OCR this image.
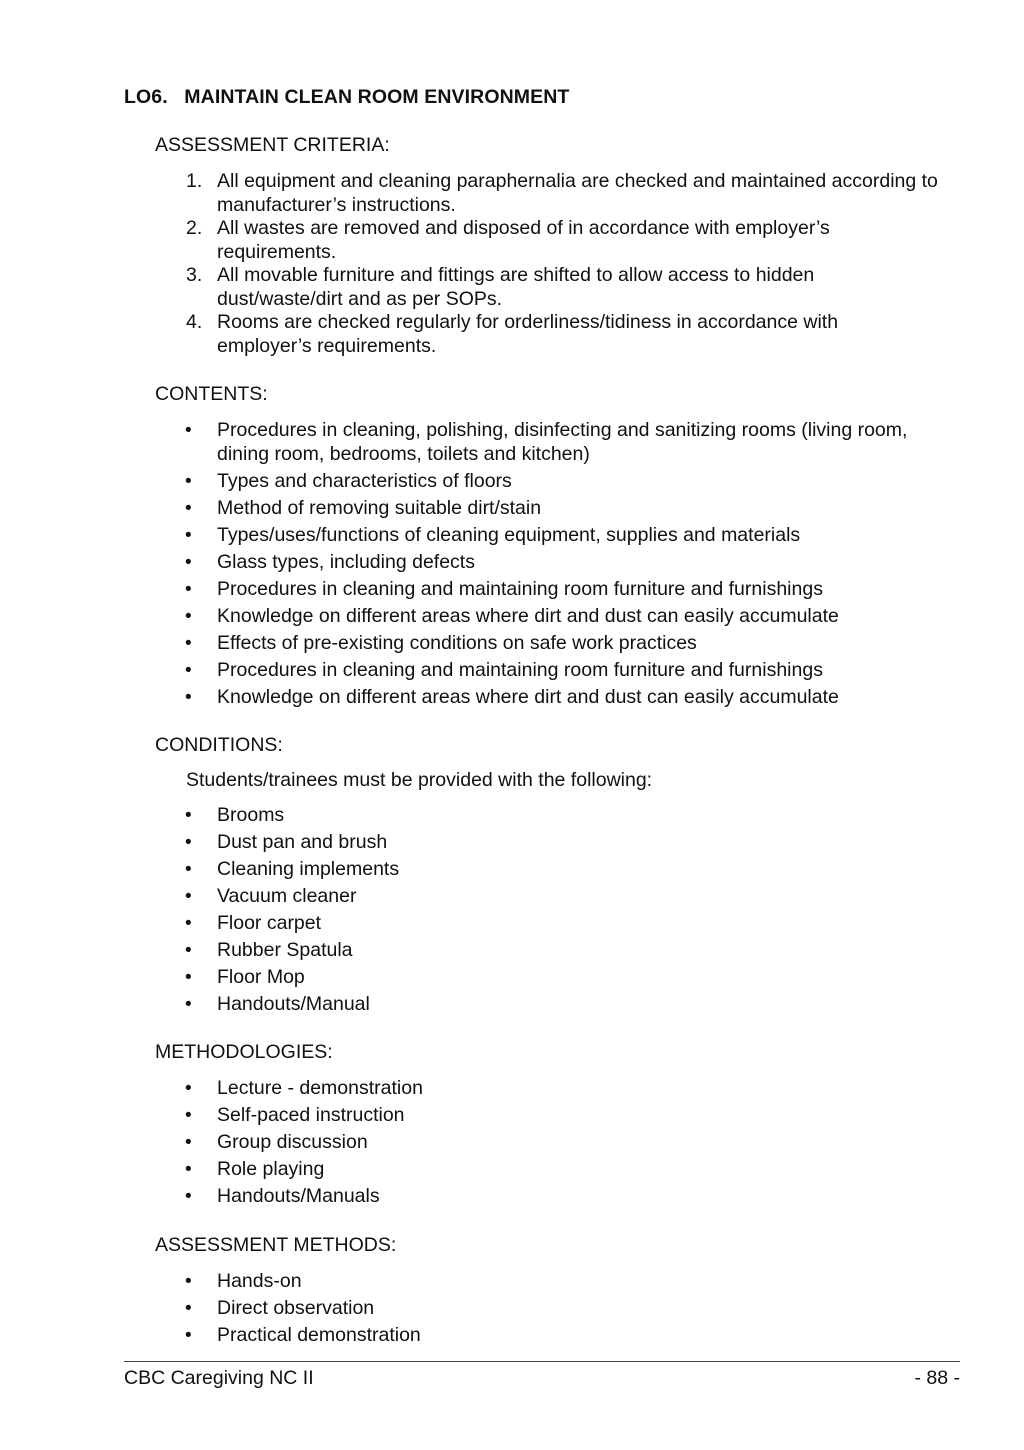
LO6.   MAINTAIN CLEAN ROOM ENVIRONMENT
ASSESSMENT CRITERIA:
1. All equipment and cleaning paraphernalia are checked and maintained according to manufacturer’s instructions.
2. All wastes are removed and disposed of in accordance with employer’s requirements.
3. All movable furniture and fittings are shifted to allow access to hidden dust/waste/dirt and as per SOPs.
4. Rooms are checked regularly for orderliness/tidiness in accordance with employer’s requirements.
CONTENTS:
• Procedures in cleaning, polishing, disinfecting and sanitizing rooms (living room, dining room, bedrooms, toilets and kitchen)
• Types and characteristics of floors
• Method of removing suitable dirt/stain
• Types/uses/functions of cleaning equipment, supplies and materials
• Glass types, including defects
• Procedures in cleaning and maintaining room furniture and furnishings
• Knowledge on different areas where dirt and dust can easily accumulate
• Effects of pre-existing conditions on safe work practices
• Procedures in cleaning and maintaining room furniture and furnishings
• Knowledge on different areas where dirt and dust can easily accumulate
CONDITIONS:
Students/trainees must be provided with the following:
• Brooms
• Dust pan and brush
• Cleaning implements
• Vacuum cleaner
• Floor carpet
• Rubber Spatula
• Floor Mop
• Handouts/Manual
METHODOLOGIES:
• Lecture - demonstration
• Self-paced instruction
• Group discussion
• Role playing
• Handouts/Manuals
ASSESSMENT METHODS:
• Hands-on
• Direct observation
• Practical demonstration
CBC Caregiving NC II	- 88 -
